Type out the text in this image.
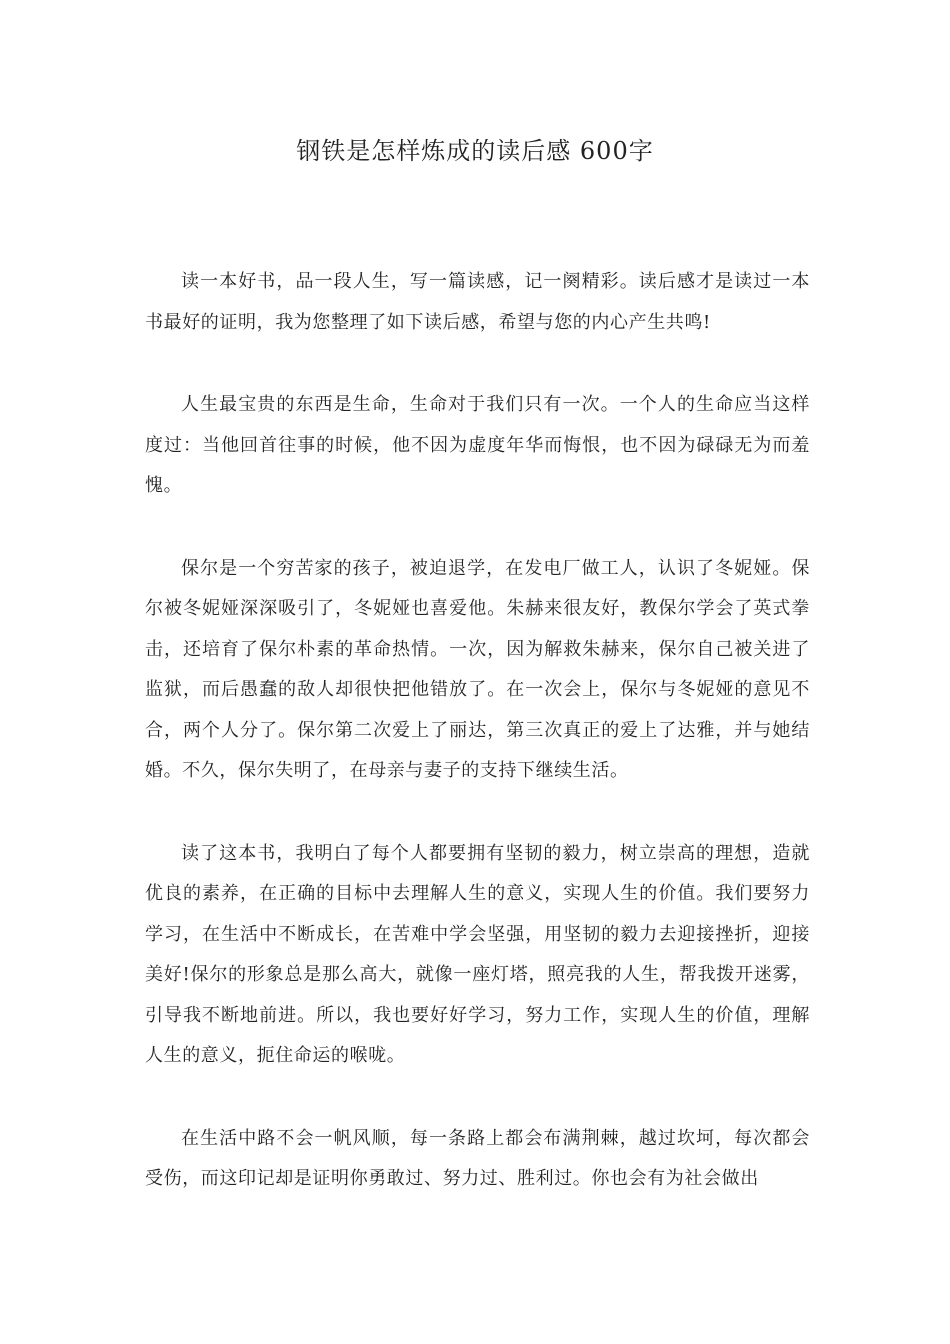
钢铁是怎样炼成的读后感 600字

读一本好书，品一段人生，写一篇读感，记一阕精彩。读后感才是读过一本书最好的证明，我为您整理了如下读后感，希望与您的内心产生共鸣!

人生最宝贵的东西是生命，生命对于我们只有一次。一个人的生命应当这样度过：当他回首往事的时候，他不因为虚度年华而悔恨，也不因为碌碌无为而羞愧。

保尔是一个穷苦家的孩子，被迫退学，在发电厂做工人，认识了冬妮娅。保尔被冬妮娅深深吸引了，冬妮娅也喜爱他。朱赫来很友好，教保尔学会了英式拳击，还培育了保尔朴素的革命热情。一次，因为解救朱赫来，保尔自己被关进了监狱，而后愚蠢的敌人却很快把他错放了。在一次会上，保尔与冬妮娅的意见不合，两个人分了。保尔第二次爱上了丽达，第三次真正的爱上了达雅，并与她结婚。不久，保尔失明了，在母亲与妻子的支持下继续生活。

读了这本书，我明白了每个人都要拥有坚韧的毅力，树立崇高的理想，造就优良的素养，在正确的目标中去理解人生的意义，实现人生的价值。我们要努力学习，在生活中不断成长，在苦难中学会坚强，用坚韧的毅力去迎接挫折，迎接美好!保尔的形象总是那么高大，就像一座灯塔，照亮我的人生，帮我拨开迷雾，引导我不断地前进。所以，我也要好好学习，努力工作，实现人生的价值，理解人生的意义，扼住命运的喉咙。

在生活中路不会一帆风顺，每一条路上都会布满荆棘，越过坎坷，每次都会受伤，而这印记却是证明你勇敢过、努力过、胜利过。你也会有为社会做出
